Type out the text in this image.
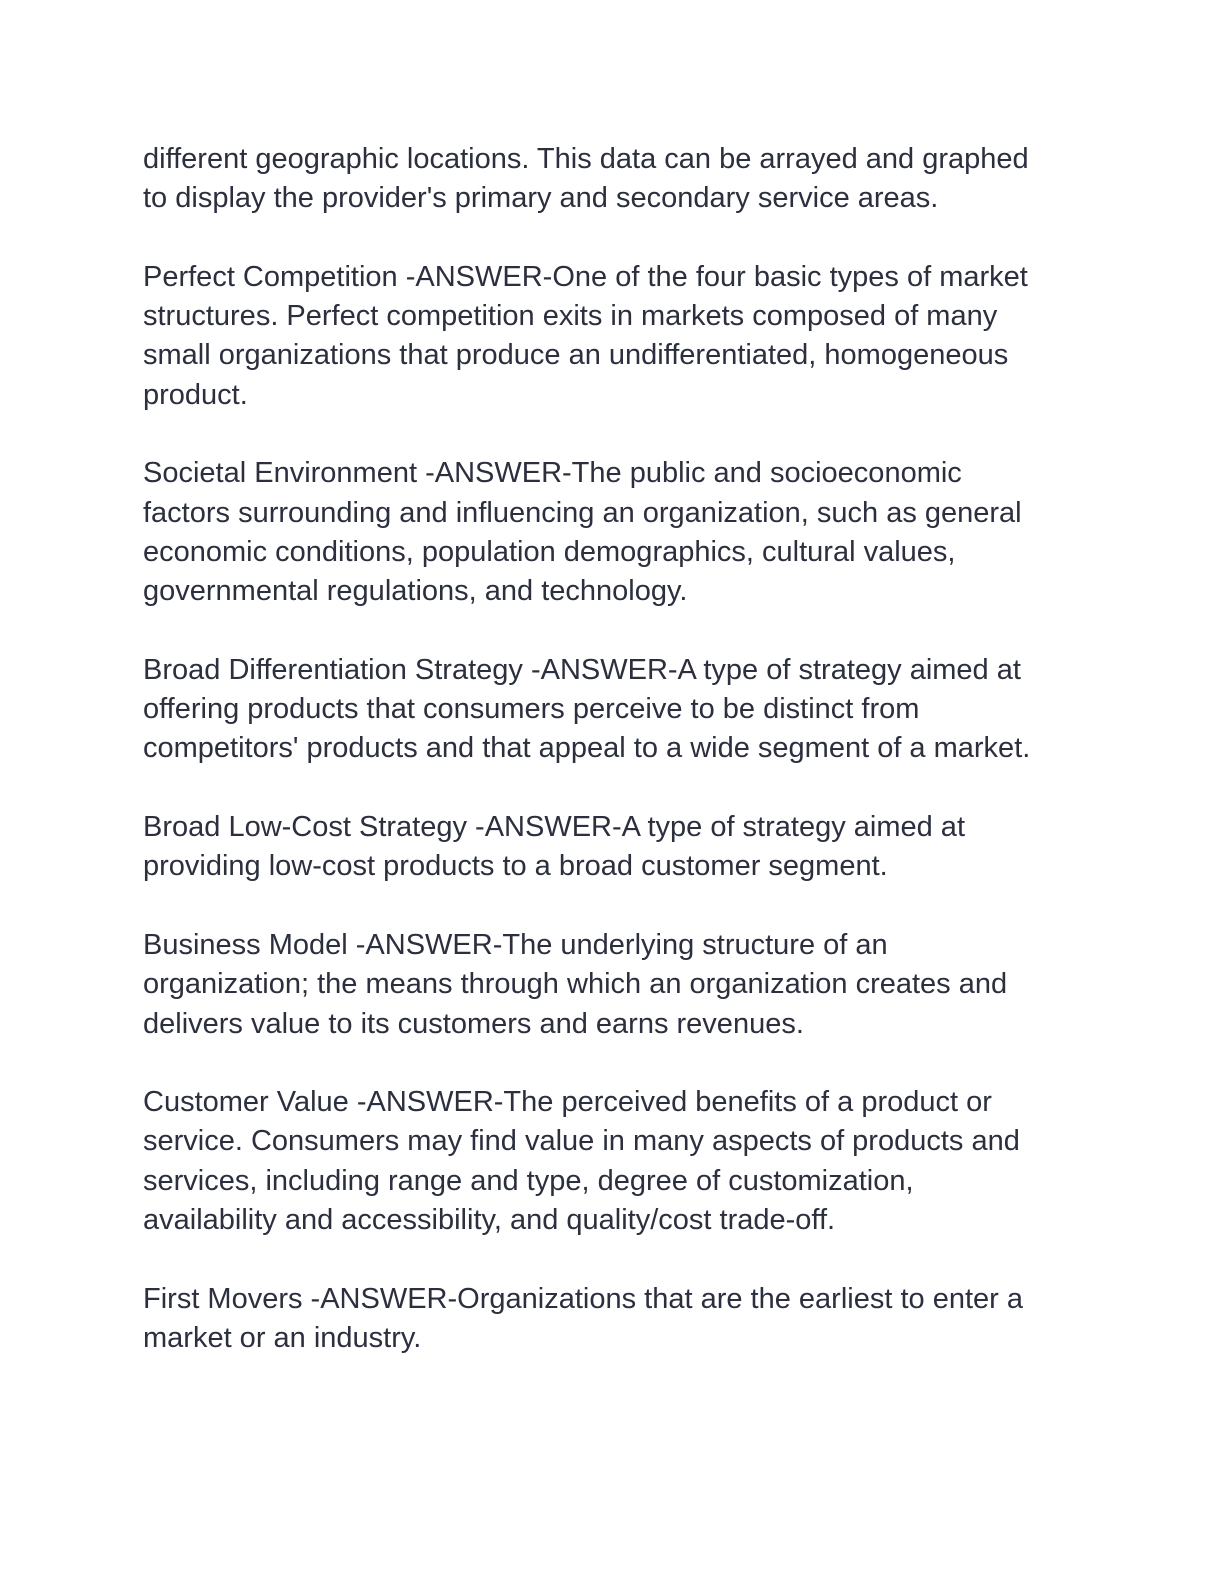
different geographic locations. This data can be arrayed and graphed
to display the provider's primary and secondary service areas.
Perfect Competition -ANSWER-One of the four basic types of market
structures. Perfect competition exits in markets composed of many
small organizations that produce an undifferentiated, homogeneous
product.
Societal Environment -ANSWER-The public and socioeconomic
factors surrounding and influencing an organization, such as general
economic conditions, population demographics, cultural values,
governmental regulations, and technology.
Broad Differentiation Strategy -ANSWER-A type of strategy aimed at
offering products that consumers perceive to be distinct from
competitors' products and that appeal to a wide segment of a market.
Broad Low-Cost Strategy -ANSWER-A type of strategy aimed at
providing low-cost products to a broad customer segment.
Business Model -ANSWER-The underlying structure of an
organization; the means through which an organization creates and
delivers value to its customers and earns revenues.
Customer Value -ANSWER-The perceived benefits of a product or
service. Consumers may find value in many aspects of products and
services, including range and type, degree of customization,
availability and accessibility, and quality/cost trade-off.
First Movers -ANSWER-Organizations that are the earliest to enter a
market or an industry.
